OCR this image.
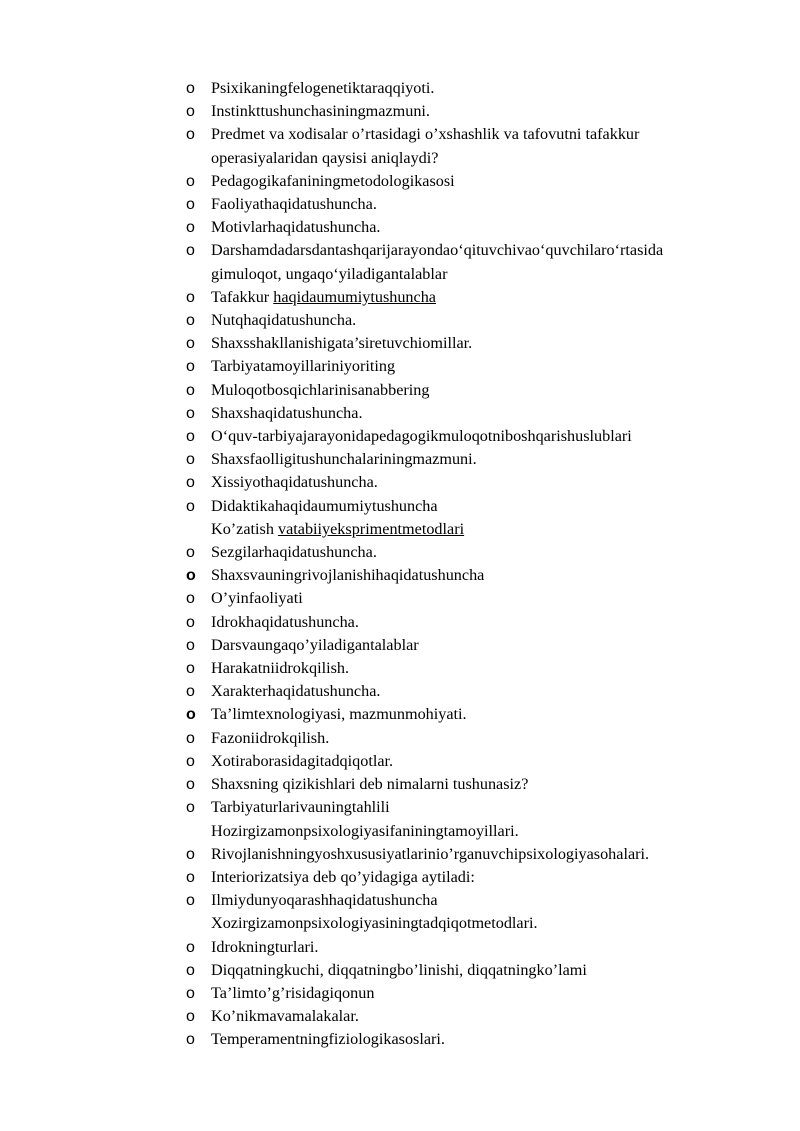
o Psixikaningfelogenetiktaraqqiyoti.
o Instinkttushunchasiningmazmuni.
o Predmet va xodisalar o’rtasidagi o’xshashlik va tafovutni tafakkur
operasiyalaridan qaysisi aniqlaydi?
o Pedagogikafaniningmetodologikasosi
o Faoliyathaqidatushuncha.
o Motivlarhaqidatushuncha.
o Darshamdadarsdantashqarijarayondao‘qituvchivao‘quvchilaro‘rtasida
gimuloqot, ungaqo‘yiladigantalablar
o Tafakkur haqidaumumiytushuncha
o Nutqhaqidatushuncha.
o Shaxsshakllanishigata’siretuvchiomillar.
o Tarbiyatamoyillariniyoriting
o Muloqotbosqichlarinisanabbering
o Shaxshaqidatushuncha.
o O‘quv-tarbiyajarayonidapedagogikmuloqotniboshqarishuslublari
o Shaxsfaolligitushunchalariningmazmuni.
o Xissiyothaqidatushuncha.
o Didaktikahaqidaumumiytushuncha
Ko’zatish vatabiiyeksprimentmetodlari
o Sezgilarhaqidatushuncha.
o Shaxsvauningrivojlanishihaqidatushuncha
o O’yinfaoliyati
o Idrokhaqidatushuncha.
o Darsvaungaqo’yiladigantalablar
o Harakatniidrokqilish.
o Xarakterhaqidatushuncha.
o Ta’limtexnologiyasi, mazmunmohiyati.
o Fazoniidrokqilish.
o Xotiraborasidagitadqiqotlar.
o Shaxsning qizikishlari deb nimalarni tushunasiz?
o Tarbiyaturlarivauningtahlili
Hozirgizamonpsixologiyasifaniningtamoyillari.
o Rivojlanishningyoshxususiyatlarinio’rganuvchipsixologiyasohalari.
o Interiorizatsiya deb qo’yidagiga aytiladi:
o Ilmiydunyoqarashhaqidatushuncha
Xozirgizamonpsixologiyasiningtadqiqotmetodlari.
o Idrokningturlari.
o Diqqatningkuchi, diqqatningbo’linishi, diqqatningko’lami
o Ta’limto’g’risidagiqonun
o Ko’nikmavamalakalar.
o Temperamentningfiziologikasoslari.
